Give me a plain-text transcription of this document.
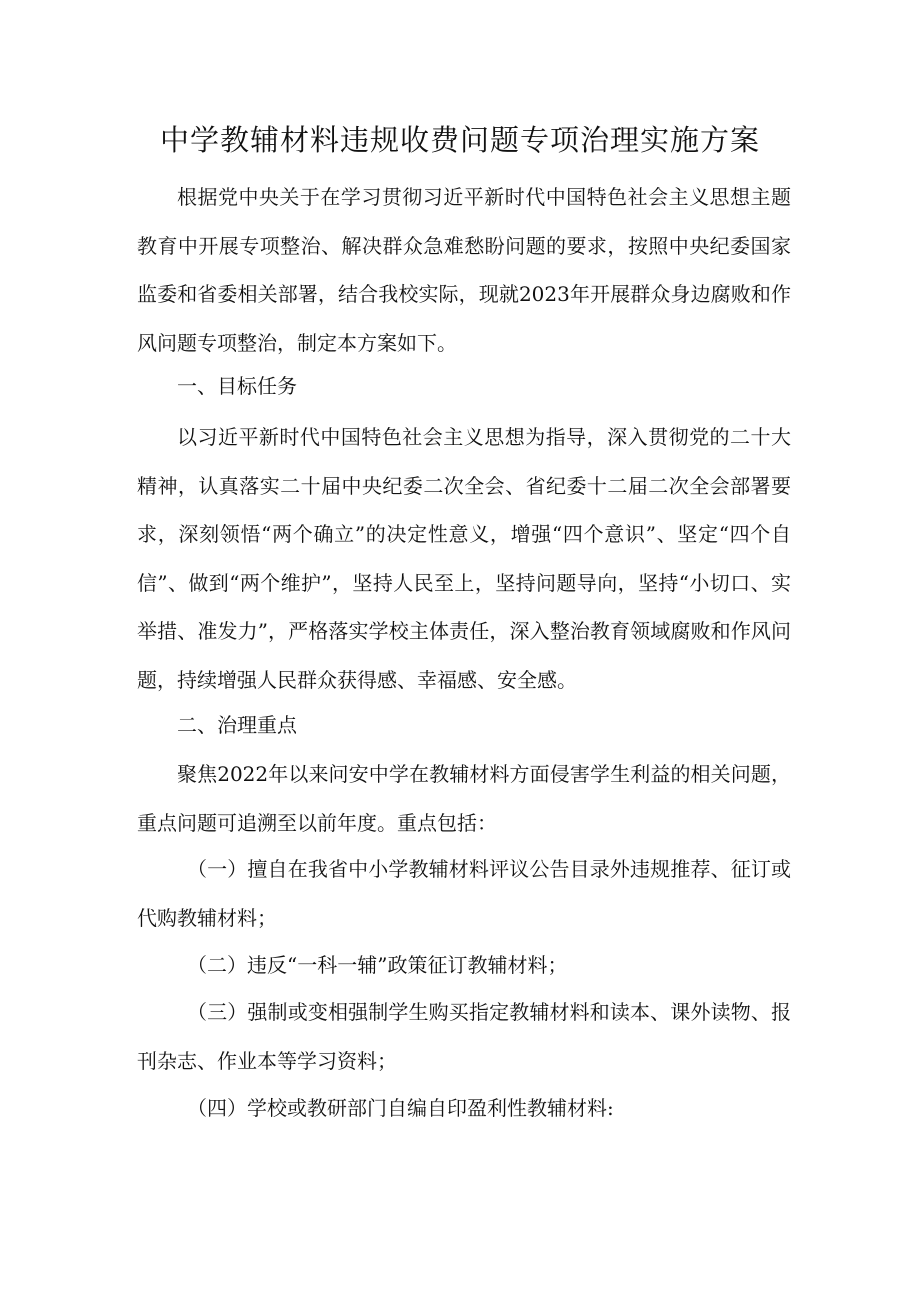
中学教辅材料违规收费问题专项治理实施方案

根据党中央关于在学习贯彻习近平新时代中国特色社会主义思想主题教育中开展专项整治、解决群众急难愁盼问题的要求，按照中央纪委国家监委和省委相关部署，结合我校实际，现就2023年开展群众身边腐败和作风问题专项整治，制定本方案如下。

一、目标任务

以习近平新时代中国特色社会主义思想为指导，深入贯彻党的二十大精神，认真落实二十届中央纪委二次全会、省纪委十二届二次全会部署要求，深刻领悟“两个确立”的决定性意义，增强“四个意识”、坚定“四个自信”、做到“两个维护”，坚持人民至上，坚持问题导向，坚持“小切口、实举措、准发力”，严格落实学校主体责任，深入整治教育领域腐败和作风问题，持续增强人民群众获得感、幸福感、安全感。

二、治理重点

聚焦2022年以来问安中学在教辅材料方面侵害学生利益的相关问题，重点问题可追溯至以前年度。重点包括：

（一）擅自在我省中小学教辅材料评议公告目录外违规推荐、征订或代购教辅材料；

（二）违反“一科一辅”政策征订教辅材料；

（三）强制或变相强制学生购买指定教辅材料和读本、课外读物、报刊杂志、作业本等学习资料；

（四）学校或教研部门自编自印盈利性教辅材料:
